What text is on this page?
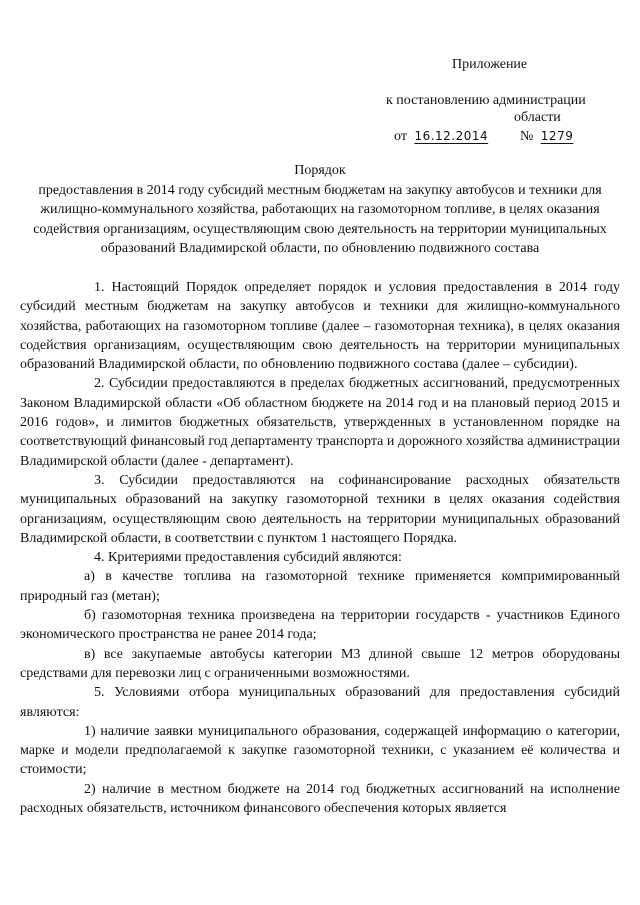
Приложение
к постановлению администрации
области
от 16.12.2014 № 1279

Порядок

предоставления в 2014 году субсидий местным бюджетам на закупку автобусов и техники для жилищно-коммунального хозяйства, работающих на газомоторном топливе, в целях оказания содействия организациям, осуществляющим свою деятельность на территории муниципальных образований Владимирской области, по обновлению подвижного состава

1. Настоящий Порядок определяет порядок и условия предоставления в 2014 году субсидий местным бюджетам на закупку автобусов и техники для жилищно-коммунального хозяйства, работающих на газомоторном топливе (далее – газомоторная техника), в целях оказания содействия организациям, осуществляющим свою деятельность на территории муниципальных образований Владимирской области, по обновлению подвижного состава (далее – субсидии).

2. Субсидии предоставляются в пределах бюджетных ассигнований, предусмотренных Законом Владимирской области «Об областном бюджете на 2014 год и на плановый период 2015 и 2016 годов», и лимитов бюджетных обязательств, утвержденных в установленном порядке на соответствующий финансовый год департаменту транспорта и дорожного хозяйства администрации Владимирской области (далее - департамент).

3. Субсидии предоставляются на софинансирование расходных обязательств муниципальных образований на закупку газомоторной техники в целях оказания содействия организациям, осуществляющим свою деятельность на территории муниципальных образований Владимирской области, в соответствии с пунктом 1 настоящего Порядка.

4. Критериями предоставления субсидий являются:

а) в качестве топлива на газомоторной технике применяется компримированный природный газ (метан);

б) газомоторная техника произведена на территории государств - участников Единого экономического пространства не ранее 2014 года;

в) все закупаемые автобусы категории М3 длиной свыше 12 метров оборудованы средствами для перевозки лиц с ограниченными возможностями.

5. Условиями отбора муниципальных образований для предоставления субсидий являются:

1) наличие заявки муниципального образования, содержащей информацию о категории, марке и модели предполагаемой к закупке газомоторной техники, с указанием её количества и стоимости;

2) наличие в местном бюджете на 2014 год бюджетных ассигнований на исполнение расходных обязательств, источником финансового обеспечения которых является
